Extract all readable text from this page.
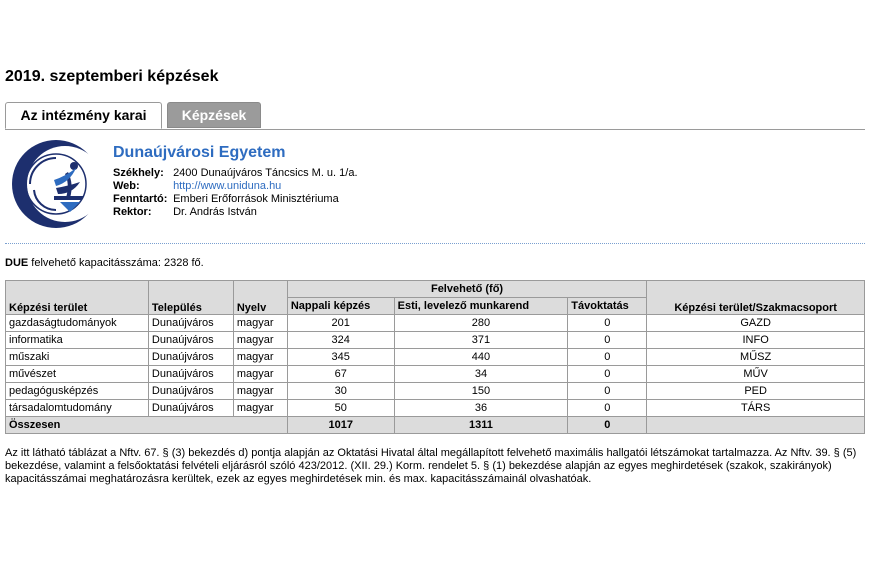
2019. szeptemberi képzések
Az intézmény karai	Képzések
Dunaújvárosi Egyetem
Székhely: 2400 Dunaújváros Táncsics M. u. 1/a.
Web:	http://www.uniduna.hu
Fenntartó: Emberi Erőforrások Minisztériuma
Rektor: Dr. András István
DUE felvehető kapacitásszáma: 2328 fő.
Képzési terület	Település	Nyelv	Felvehető (fő)			Képzési terület/Szakmacsoport
			Nappali képzés	Esti, levelező munkarend	Távoktatás	
gazdaságtudományok	Dunaújváros	magyar	201	280	0	GAZD
informatika	Dunaújváros	magyar	324	371	0	INFO
műszaki	Dunaújváros	magyar	345	440	0	MŰSZ
művészet	Dunaújváros	magyar	67	34	0	MŰV
pedagógusképzés	Dunaújváros	magyar	30	150	0	PED
társadalomtudomány	Dunaújváros	magyar	50	36	0	TÁRS
Összesen			1017	1311	0	
Az itt látható táblázat a Nftv. 67. § (3) bekezdés d) pontja alapján az Oktatási Hivatal által megállapított felvehető maximális hallgatói létszámokat tartalmazza. Az Nftv. 39. § (5) bekezdése, valamint a felsőoktatási felvételi eljárásról szóló 423/2012. (XII. 29.) Korm. rendelet 5. § (1) bekezdése alapján az egyes meghirdetések (szakok, szakirányok) kapacitásszámai meghatározásra kerültek, ezek az egyes meghirdetések min. és max. kapacitásszámainál olvashatóak.
